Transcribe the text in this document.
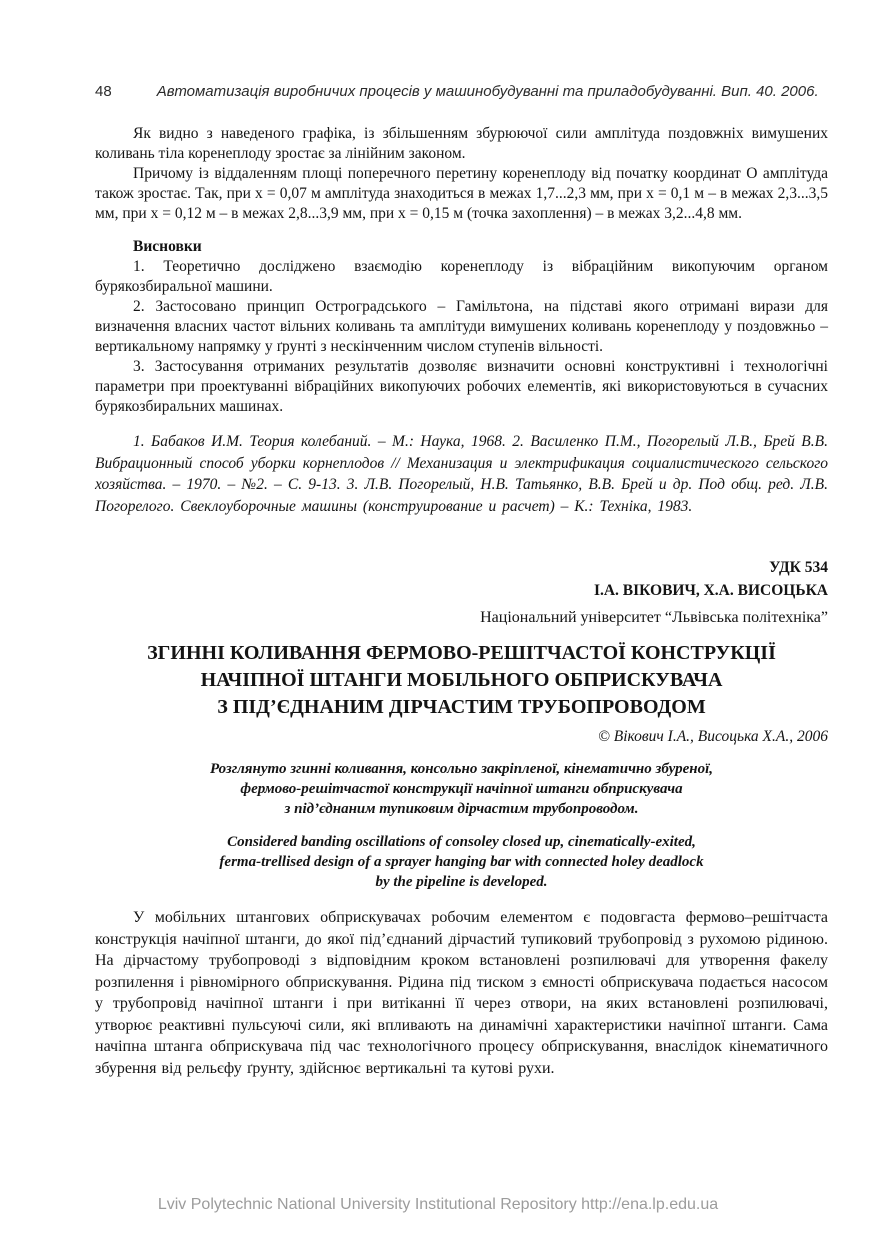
48	Автоматизація виробничих процесів у машинобудуванні та приладобудуванні. Вип. 40. 2006.

Як видно з наведеного графіка, із збільшенням збурюючої сили амплітуда поздовжніх вимушених коливань тіла коренеплоду зростає за лінійним законом.

Причому із віддаленням площі поперечного перетину коренеплоду від початку координат О амплітуда також зростає. Так, при х = 0,07 м амплітуда знаходиться в межах 1,7...2,3 мм, при х = 0,1 м – в межах 2,3...3,5 мм, при х = 0,12 м – в межах 2,8...3,9 мм, при х = 0,15 м (точка захоплення) – в межах 3,2...4,8 мм.

Висновки

1. Теоретично досліджено взаємодію коренеплоду із вібраційним викопуючим органом бурякозбиральної машини.

2. Застосовано принцип Остроградського – Гамільтона, на підставі якого отримані вирази для визначення власних частот вільних коливань та амплітуди вимушених коливань коренеплоду у поздовжньо – вертикальному напрямку у ґрунті з нескінченним числом ступенів вільності.

3. Застосування отриманих результатів дозволяє визначити основні конструктивні і технологічні параметри при проектуванні вібраційних викопуючих робочих елементів, які використовуються в сучасних бурякозбиральних машинах.

1. Бабаков И.М. Теория колебаний. – М.: Наука, 1968. 2. Василенко П.М., Погорелый Л.В., Брей В.В. Вибрационный способ уборки корнеплодов // Механизация и электрификация социалистического сельского хозяйства. – 1970. – №2. – С. 9-13. 3. Л.В. Погорелый, Н.В. Татьянко, В.В. Брей и др. Под общ. ред. Л.В. Погорелого. Свеклоуборочные машины (конструирование и расчет) – К.: Техніка, 1983.

УДК 534
І.А. ВІКОВИЧ, Х.А. ВИСОЦЬКА
Національний університет “Львівська політехніка”
ЗГИННІ КОЛИВАННЯ ФЕРМОВО-РЕШІТЧАСТОЇ КОНСТРУКЦІЇ
НАЧІПНОЇ ШТАНГИ МОБІЛЬНОГО ОБПРИСКУВАЧА
З ПІД’ЄДНАНИМ ДІРЧАСТИМ ТРУБОПРОВОДОМ
© Вікович І.А., Висоцька Х.А., 2006
Розглянуто згинні коливання, консольно закріпленої, кінематично збуреної,
фермово-решітчастої конструкції начіпної штанги обприскувача
з під’єднаним тупиковим дірчастим трубопроводом.
Considered banding oscillations of consoley closed up, cinematically-exited,
ferma-trellised design of a sprayer hanging bar with connected holey deadlock
by the pipeline is developed.

У мобільних штангових обприскувачах робочим елементом є подовгаста фермово–решітчаста конструкція начіпної штанги, до якої під’єднаний дірчастий тупиковий трубопровід з рухомою рідиною. На дірчастому трубопроводі з відповідним кроком встановлені розпилювачі для утворення факелу розпилення і рівномірного обприскування. Рідина під тиском з ємності обприскувача подається насосом у трубопровід начіпної штанги і при витіканні її через отвори, на яких встановлені розпилювачі, утворює реактивні пульсуючі сили, які впливають на динамічні характеристики начіпної штанги. Сама начіпна штанга обприскувача під час технологічного процесу обприскування, внаслідок кінематичного збурення від рельєфу ґрунту, здійснює вертикальні та кутові рухи.

Lviv Polytechnic National University Institutional Repository http://ena.lp.edu.ua
